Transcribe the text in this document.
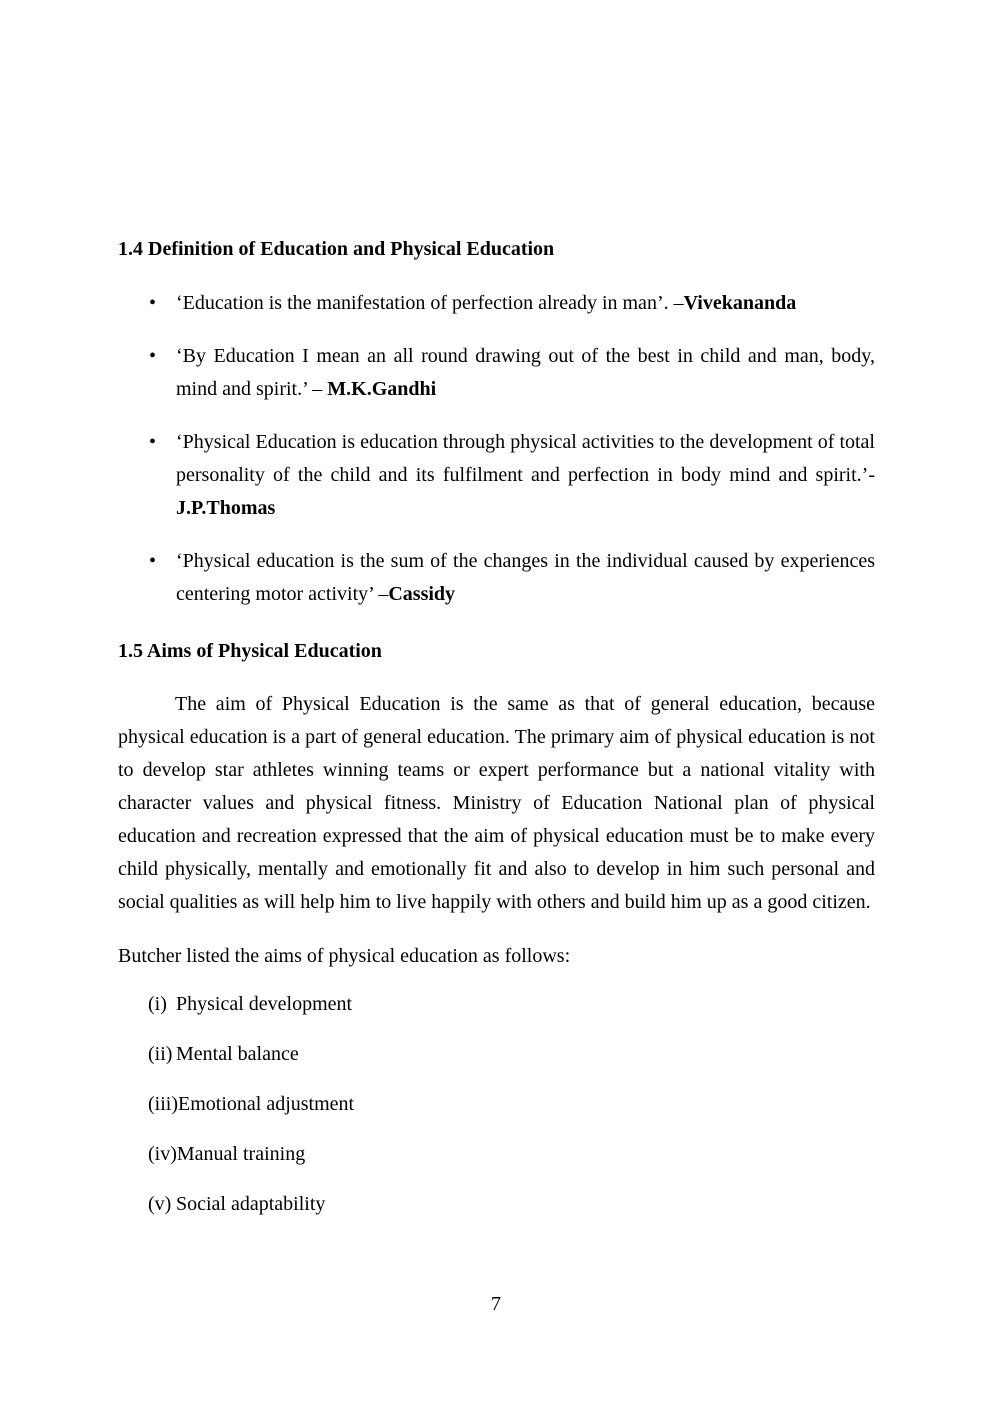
1.4 Definition of Education and Physical Education
• ‘Education is the manifestation of perfection already in man’. –Vivekananda
• ‘By Education I mean an all round drawing out of the best in child and man, body, mind and spirit.’ – M.K.Gandhi
• ‘Physical Education is education through physical activities to the development of total personality of the child and its fulfilment and perfection in body mind and spirit.’- J.P.Thomas
• ‘Physical education is the sum of the changes in the individual caused by experiences centering motor activity’ –Cassidy
1.5 Aims of Physical Education

The aim of Physical Education is the same as that of general education, because physical education is a part of general education. The primary aim of physical education is not to develop star athletes winning teams or expert performance but a national vitality with character values and physical fitness. Ministry of Education National plan of physical education and recreation expressed that the aim of physical education must be to make every child physically, mentally and emotionally fit and also to develop in him such personal and social qualities as will help him to live happily with others and build him up as a good citizen.

Butcher listed the aims of physical education as follows:

(i) Physical development
(ii) Mental balance
(iii)Emotional adjustment
(iv)Manual training
(v) Social adaptability
7
